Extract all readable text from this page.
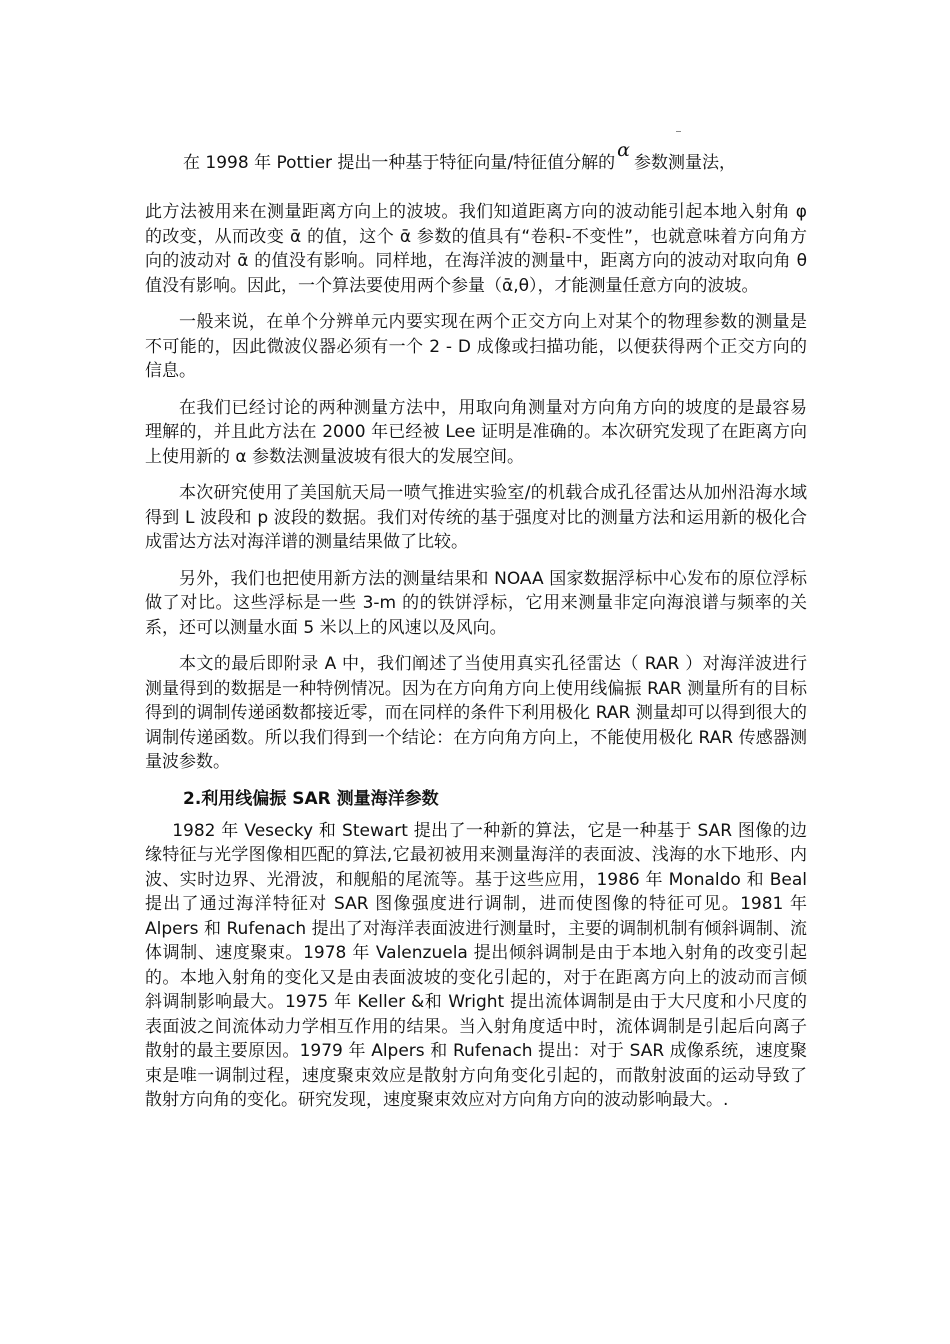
在 1998 年 Pottier 提出一种基于特征向量/特征值分解的α参数测量法，

此方法被用来在测量距离方向上的波坡。我们知道距离方向的波动能引起本地入射角 φ 的改变，从而改变 ᾱ 的值，这个 ᾱ 参数的值具有“卷积-不变性”，也就意味着方向角方向的波动对 ᾱ 的值没有影响。同样地，在海洋波的测量中，距离方向的波动对取向角 θ 值没有影响。因此，一个算法要使用两个参量（ᾱ,θ），才能测量任意方向的波坡。

一般来说，在单个分辨单元内要实现在两个正交方向上对某个的物理参数的测量是不可能的，因此微波仪器必须有一个 2 - D 成像或扫描功能，以便获得两个正交方向的信息。

在我们已经讨论的两种测量方法中，用取向角测量对方向角方向的坡度的是最容易理解的，并且此方法在 2000 年已经被 Lee 证明是准确的。本次研究发现了在距离方向上使用新的 α 参数法测量波坡有很大的发展空间。

本次研究使用了美国航天局一喷气推进实验室/的机载合成孔径雷达从加州沿海水域得到 L 波段和 p 波段的数据。我们对传统的基于强度对比的测量方法和运用新的极化合成雷达方法对海洋谱的测量结果做了比较。

另外，我们也把使用新方法的测量结果和 NOAA 国家数据浮标中心发布的原位浮标做了对比。这些浮标是一些 3-m 的的铁饼浮标，它用来测量非定向海浪谱与频率的关系，还可以测量水面 5 米以上的风速以及风向。

本文的最后即附录 A 中，我们阐述了当使用真实孔径雷达（ RAR ）对海洋波进行测量得到的数据是一种特例情况。因为在方向角方向上使用线偏振 RAR 测量所有的目标得到的调制传递函数都接近零，而在同样的条件下利用极化 RAR 测量却可以得到很大的调制传递函数。所以我们得到一个结论：在方向角方向上，不能使用极化 RAR 传感器测量波参数。

2.利用线偏振 SAR 测量海洋参数

1982 年 Vesecky 和 Stewart 提出了一种新的算法，它是一种基于 SAR 图像的边缘特征与光学图像相匹配的算法,它最初被用来测量海洋的表面波、浅海的水下地形、内波、实时边界、光滑波，和舰船的尾流等。基于这些应用，1986 年 Monaldo 和 Beal 提出了通过海洋特征对 SAR 图像强度进行调制，进而使图像的特征可见。1981 年 Alpers 和 Rufenach 提出了对海洋表面波进行测量时，主要的调制机制有倾斜调制、流体调制、速度聚束。1978 年 Valenzuela 提出倾斜调制是由于本地入射角的改变引起的。本地入射角的变化又是由表面波坡的变化引起的，对于在距离方向上的波动而言倾斜调制影响最大。1975 年 Keller &和 Wright 提出流体调制是由于大尺度和小尺度的表面波之间流体动力学相互作用的结果。当入射角度适中时，流体调制是引起后向离子散射的最主要原因。1979 年 Alpers 和 Rufenach 提出：对于 SAR 成像系统，速度聚束是唯一调制过程，速度聚束效应是散射方向角变化引起的，而散射波面的运动导致了散射方向角的变化。研究发现，速度聚束效应对方向角方向的波动影响最大。.
